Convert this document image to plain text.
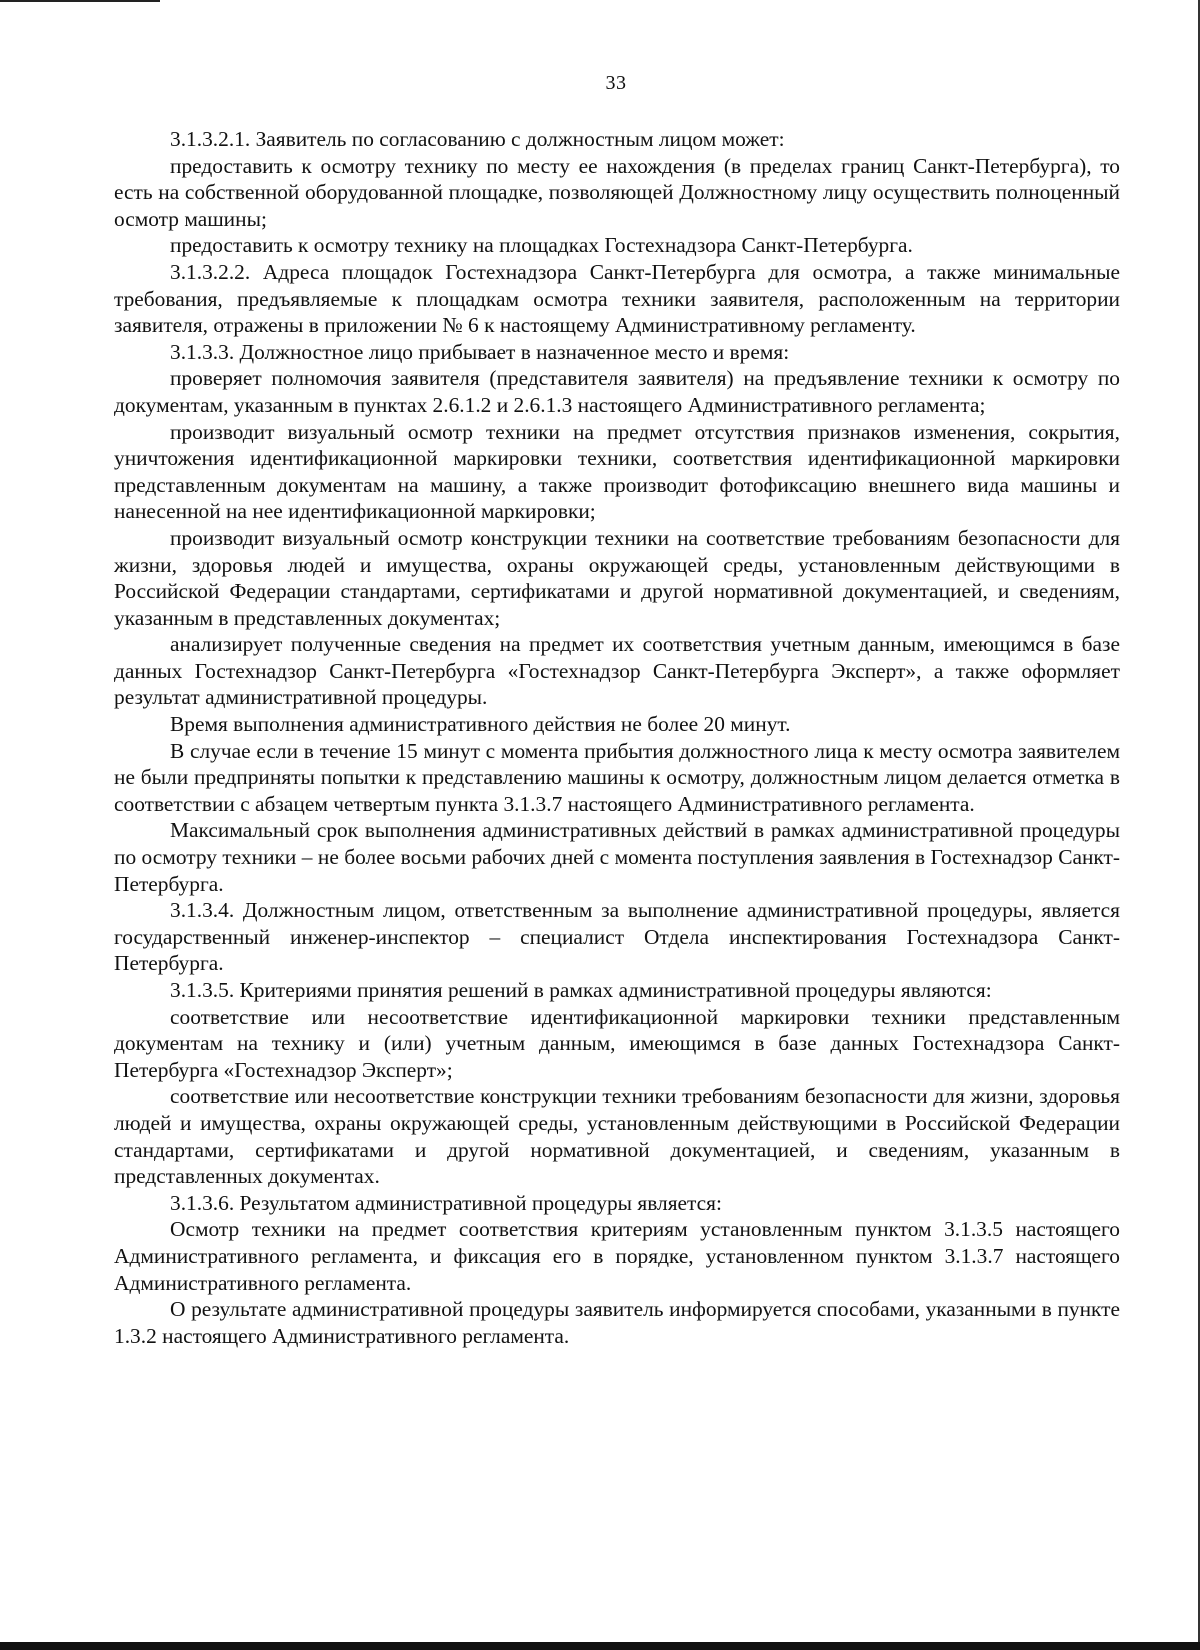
33

3.1.3.2.1. Заявитель по согласованию с должностным лицом может:

предоставить к осмотру технику по месту ее нахождения (в пределах границ Санкт-Петербурга), то есть на собственной оборудованной площадке, позволяющей Должностному лицу осуществить полноценный осмотр машины;

предоставить к осмотру технику на площадках Гостехнадзора Санкт-Петербурга.

3.1.3.2.2. Адреса площадок Гостехнадзора Санкт-Петербурга для осмотра, а также минимальные требования, предъявляемые к площадкам осмотра техники заявителя, расположенным на территории заявителя, отражены в приложении № 6 к настоящему Административному регламенту.

3.1.3.3. Должностное лицо прибывает в назначенное место и время:

проверяет полномочия заявителя (представителя заявителя) на предъявление техники к осмотру по документам, указанным в пунктах 2.6.1.2 и 2.6.1.3 настоящего Административного регламента;

производит визуальный осмотр техники на предмет отсутствия признаков изменения, сокрытия, уничтожения идентификационной маркировки техники, соответствия идентификационной маркировки представленным документам на машину, а также производит фотофиксацию внешнего вида машины и нанесенной на нее идентификационной маркировки;

производит визуальный осмотр конструкции техники на соответствие требованиям безопасности для жизни, здоровья людей и имущества, охраны окружающей среды, установленным действующими в Российской Федерации стандартами, сертификатами и другой нормативной документацией, и сведениям, указанным в представленных документах;

анализирует полученные сведения на предмет их соответствия учетным данным, имеющимся в базе данных Гостехнадзор Санкт-Петербурга «Гостехнадзор Санкт-Петербурга Эксперт», а также оформляет результат административной процедуры.

Время выполнения административного действия не более 20 минут.

В случае если в течение 15 минут с момента прибытия должностного лица к месту осмотра заявителем не были предприняты попытки к представлению машины к осмотру, должностным лицом делается отметка в соответствии с абзацем четвертым пункта 3.1.3.7 настоящего Административного регламента.

Максимальный срок выполнения административных действий в рамках административной процедуры по осмотру техники – не более восьми рабочих дней с момента поступления заявления в Гостехнадзор Санкт-Петербурга.

3.1.3.4. Должностным лицом, ответственным за выполнение административной процедуры, является государственный инженер-инспектор – специалист Отдела инспектирования Гостехнадзора Санкт-Петербурга.

3.1.3.5. Критериями принятия решений в рамках административной процедуры являются:

соответствие или несоответствие идентификационной маркировки техники представленным документам на технику и (или) учетным данным, имеющимся в базе данных Гостехнадзора Санкт-Петербурга «Гостехнадзор Эксперт»;

соответствие или несоответствие конструкции техники требованиям безопасности для жизни, здоровья людей и имущества, охраны окружающей среды, установленным действующими в Российской Федерации стандартами, сертификатами и другой нормативной документацией, и сведениям, указанным в представленных документах.

3.1.3.6. Результатом административной процедуры является:

Осмотр техники на предмет соответствия критериям установленным пунктом 3.1.3.5 настоящего Административного регламента, и фиксация его в порядке, установленном пунктом 3.1.3.7 настоящего Административного регламента.

О результате административной процедуры заявитель информируется способами, указанными в пункте 1.3.2 настоящего Административного регламента.
